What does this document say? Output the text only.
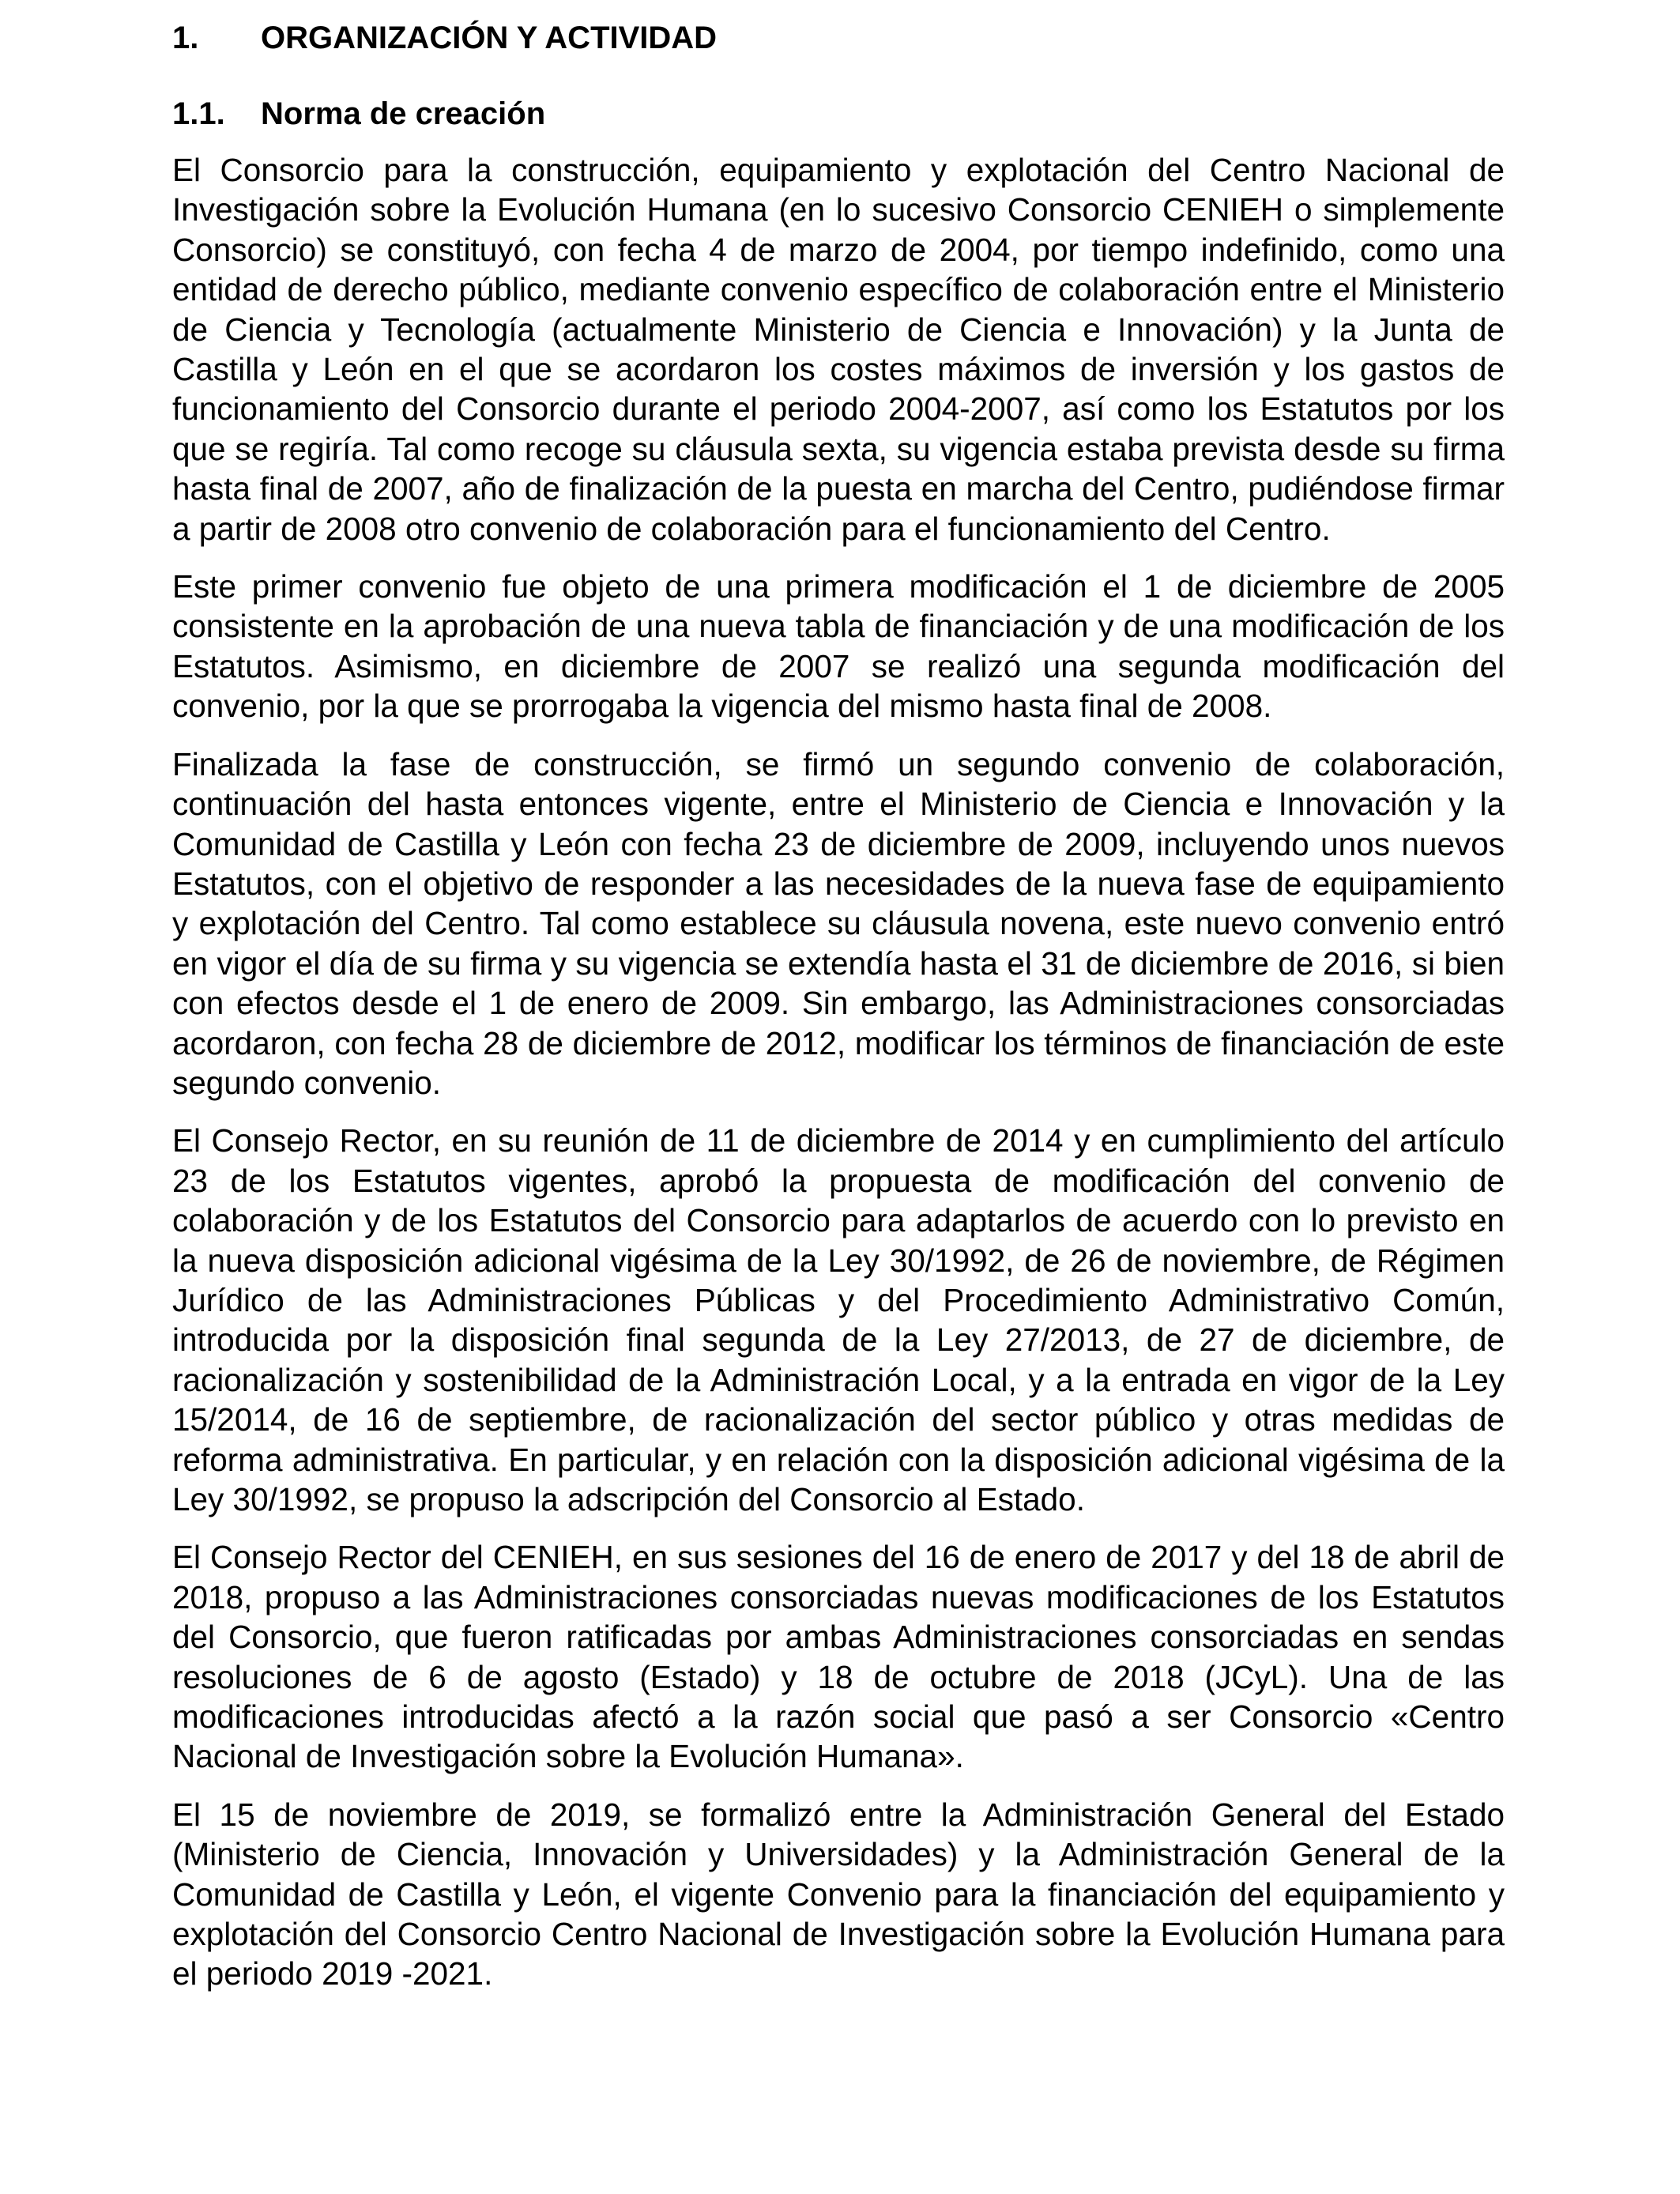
1.	ORGANIZACIÓN Y ACTIVIDAD
1.1.	Norma de creación

El Consorcio para la construcción, equipamiento y explotación del Centro Nacional de Investigación sobre la Evolución Humana (en lo sucesivo Consorcio CENIEH o simplemente Consorcio) se constituyó, con fecha 4 de marzo de 2004, por tiempo indefinido, como una entidad de derecho público, mediante convenio específico de colaboración entre el Ministerio de Ciencia y Tecnología (actualmente Ministerio de Ciencia e Innovación) y la Junta de Castilla y León en el que se acordaron los costes máximos de inversión y los gastos de funcionamiento del Consorcio durante el periodo 2004-2007, así como los Estatutos por los que se regiría. Tal como recoge su cláusula sexta, su vigencia estaba prevista desde su firma hasta final de 2007, año de finalización de la puesta en marcha del Centro, pudiéndose firmar a partir de 2008 otro convenio de colaboración para el funcionamiento del Centro.

Este primer convenio fue objeto de una primera modificación el 1 de diciembre de 2005 consistente en la aprobación de una nueva tabla de financiación y de una modificación de los Estatutos. Asimismo, en diciembre de 2007 se realizó una segunda modificación del convenio, por la que se prorrogaba la vigencia del mismo hasta final de 2008.

Finalizada la fase de construcción, se firmó un segundo convenio de colaboración, continuación del hasta entonces vigente, entre el Ministerio de Ciencia e Innovación y la Comunidad de Castilla y León con fecha 23 de diciembre de 2009, incluyendo unos nuevos Estatutos, con el objetivo de responder a las necesidades de la nueva fase de equipamiento y explotación del Centro. Tal como establece su cláusula novena, este nuevo convenio entró en vigor el día de su firma y su vigencia se extendía hasta el 31 de diciembre de 2016, si bien con efectos desde el 1 de enero de 2009. Sin embargo, las Administraciones consorciadas acordaron, con fecha 28 de diciembre de 2012, modificar los términos de financiación de este segundo convenio.

El Consejo Rector, en su reunión de 11 de diciembre de 2014 y en cumplimiento del artículo 23 de los Estatutos vigentes, aprobó la propuesta de modificación del convenio de colaboración y de los Estatutos del Consorcio para adaptarlos de acuerdo con lo previsto en la nueva disposición adicional vigésima de la Ley 30/1992, de 26 de noviembre, de Régimen Jurídico de las Administraciones Públicas y del Procedimiento Administrativo Común, introducida por la disposición final segunda de la Ley 27/2013, de 27 de diciembre, de racionalización y sostenibilidad de la Administración Local, y a la entrada en vigor de la Ley 15/2014, de 16 de septiembre, de racionalización del sector público y otras medidas de reforma administrativa. En particular, y en relación con la disposición adicional vigésima de la Ley 30/1992, se propuso la adscripción del Consorcio al Estado.

El Consejo Rector del CENIEH, en sus sesiones del 16 de enero de 2017 y del 18 de abril de 2018, propuso a las Administraciones consorciadas nuevas modificaciones de los Estatutos del Consorcio, que fueron ratificadas por ambas Administraciones consorciadas en sendas resoluciones de 6 de agosto (Estado) y 18 de octubre de 2018 (JCyL). Una de las modificaciones introducidas afectó a la razón social que pasó a ser Consorcio «Centro Nacional de Investigación sobre la Evolución Humana».

El 15 de noviembre de 2019, se formalizó entre la Administración General del Estado (Ministerio de Ciencia, Innovación y Universidades) y la Administración General de la Comunidad de Castilla y León, el vigente Convenio para la financiación del equipamiento y explotación del Consorcio Centro Nacional de Investigación sobre la Evolución Humana para el periodo 2019 -2021.
